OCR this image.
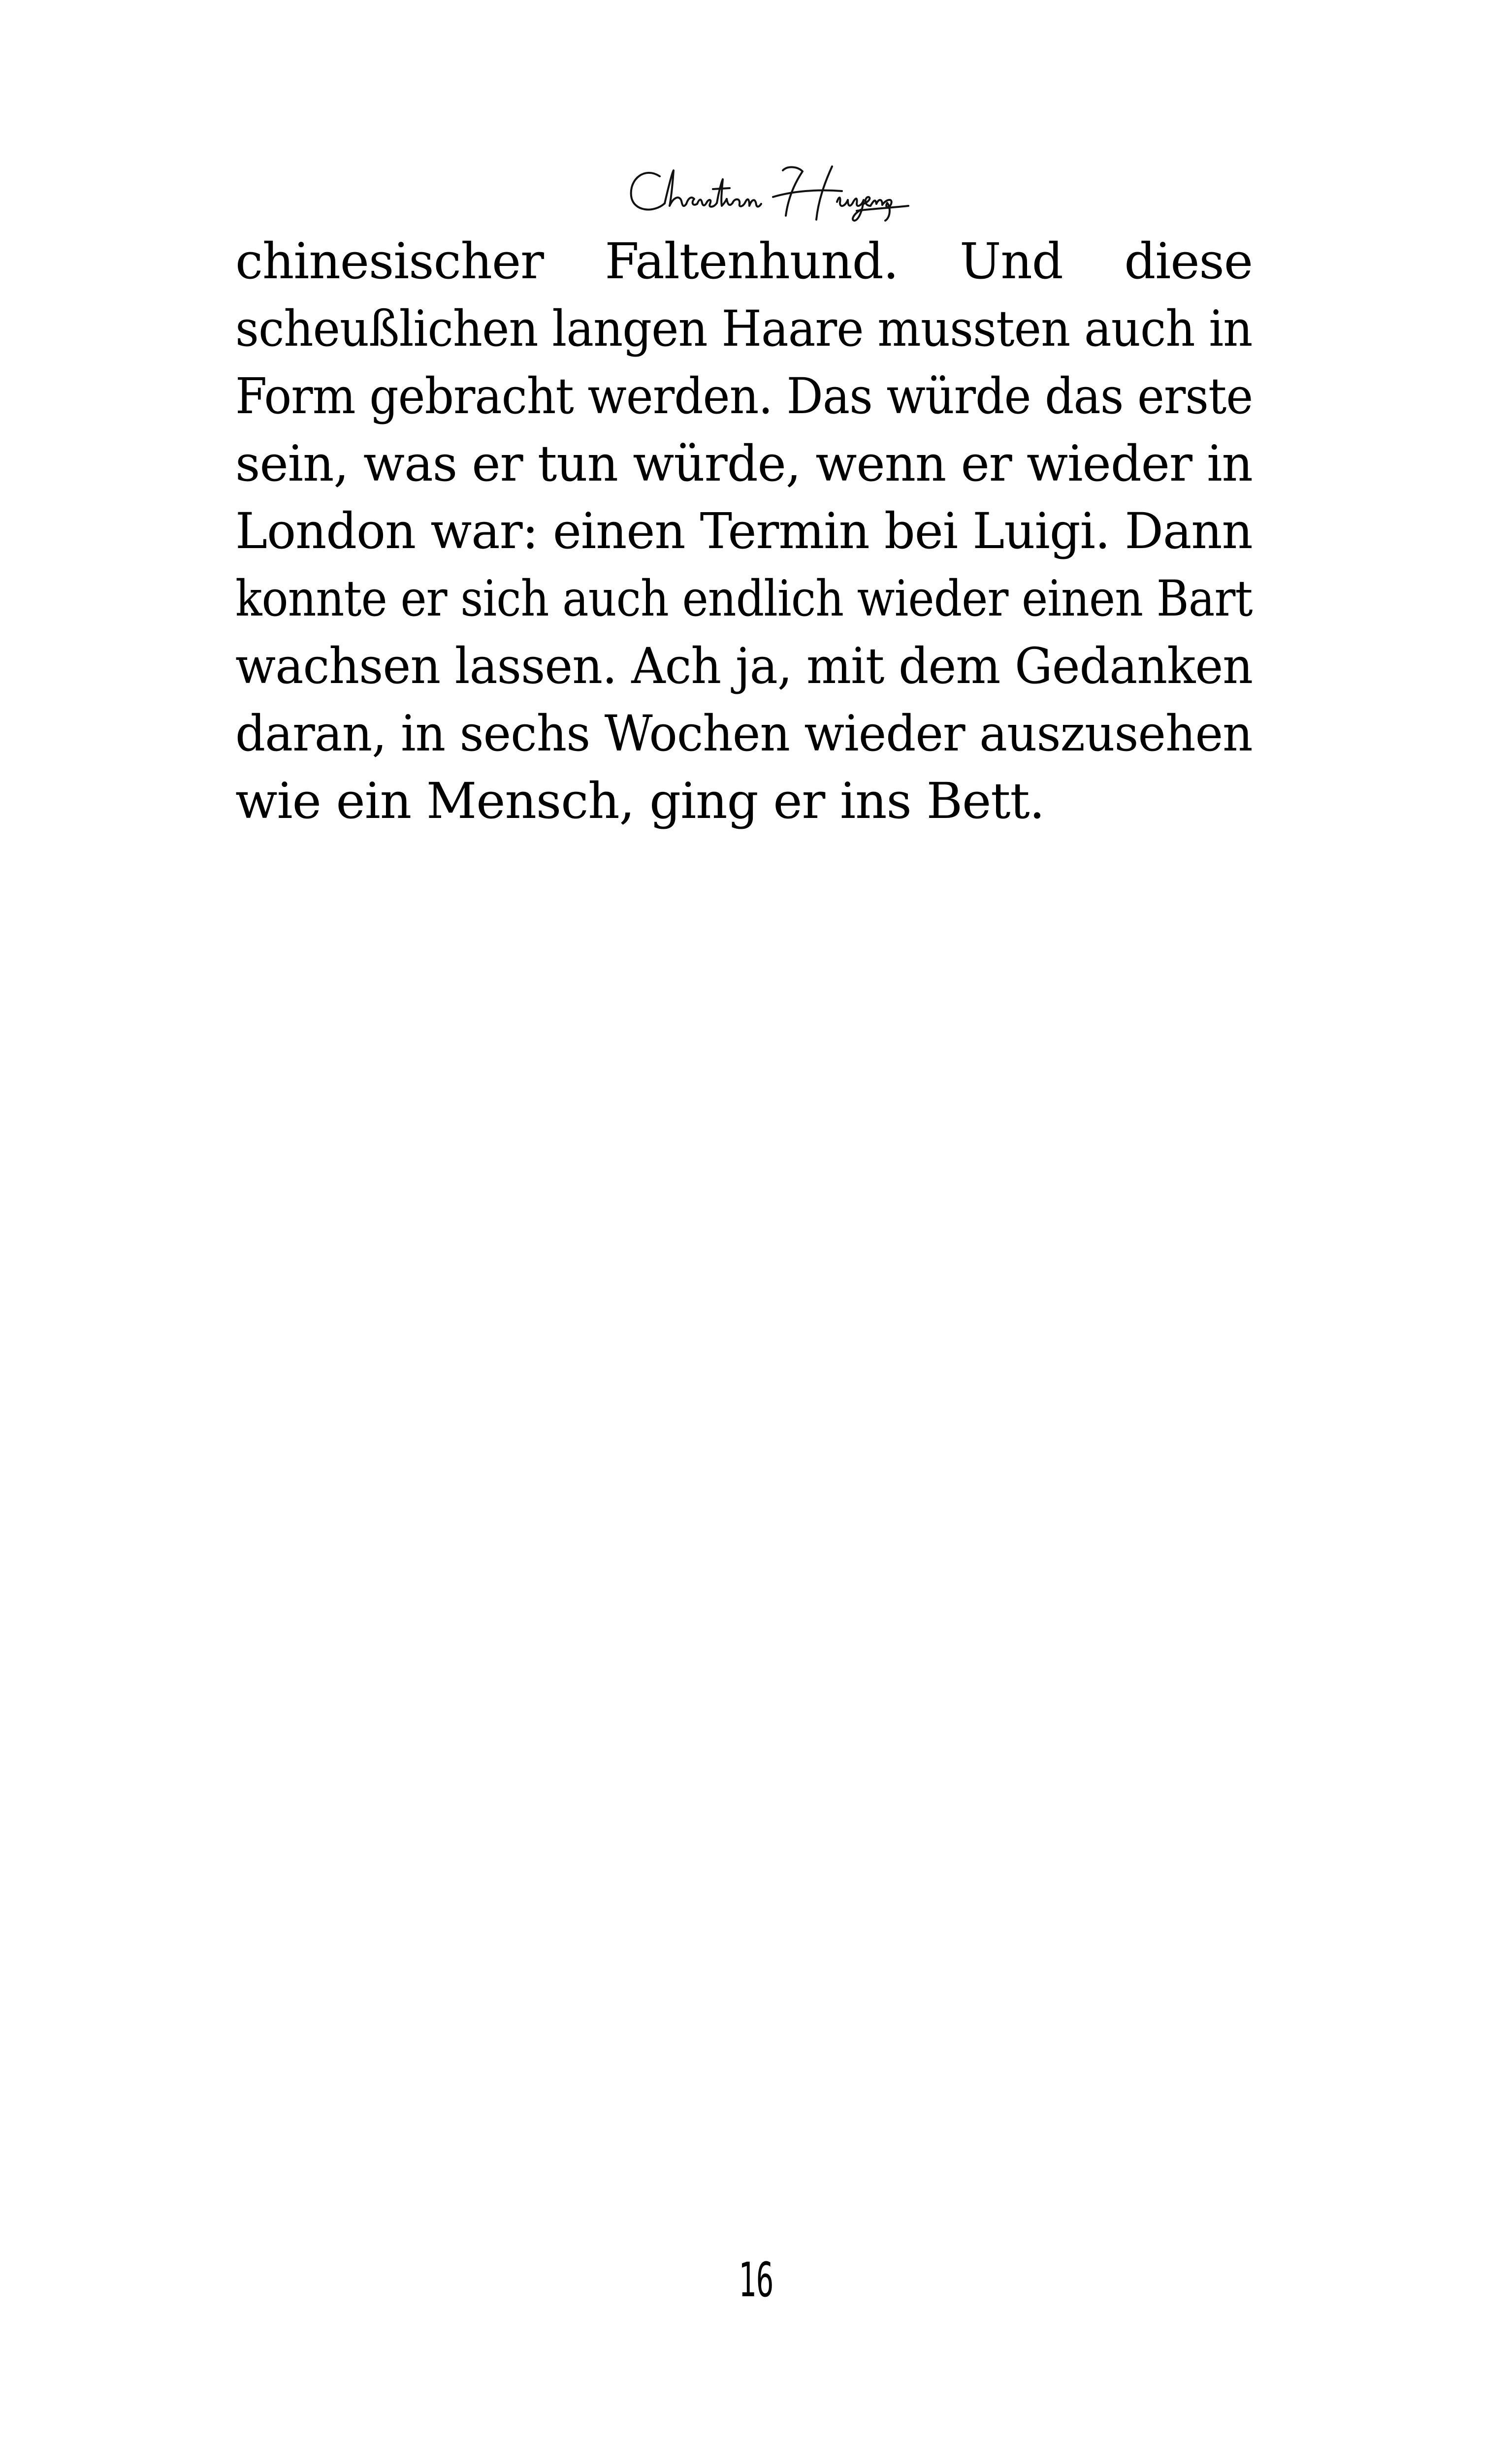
chinesischer Faltenhund. Und diese
scheußlichen langen Haare mussten auch in
Form gebracht werden. Das würde das erste
sein, was er tun würde, wenn er wieder in
London war: einen Termin bei Luigi. Dann
konnte er sich auch endlich wieder einen Bart
wachsen lassen. Ach ja, mit dem Gedanken
daran, in sechs Wochen wieder auszusehen
wie ein Mensch, ging er ins Bett.
16
